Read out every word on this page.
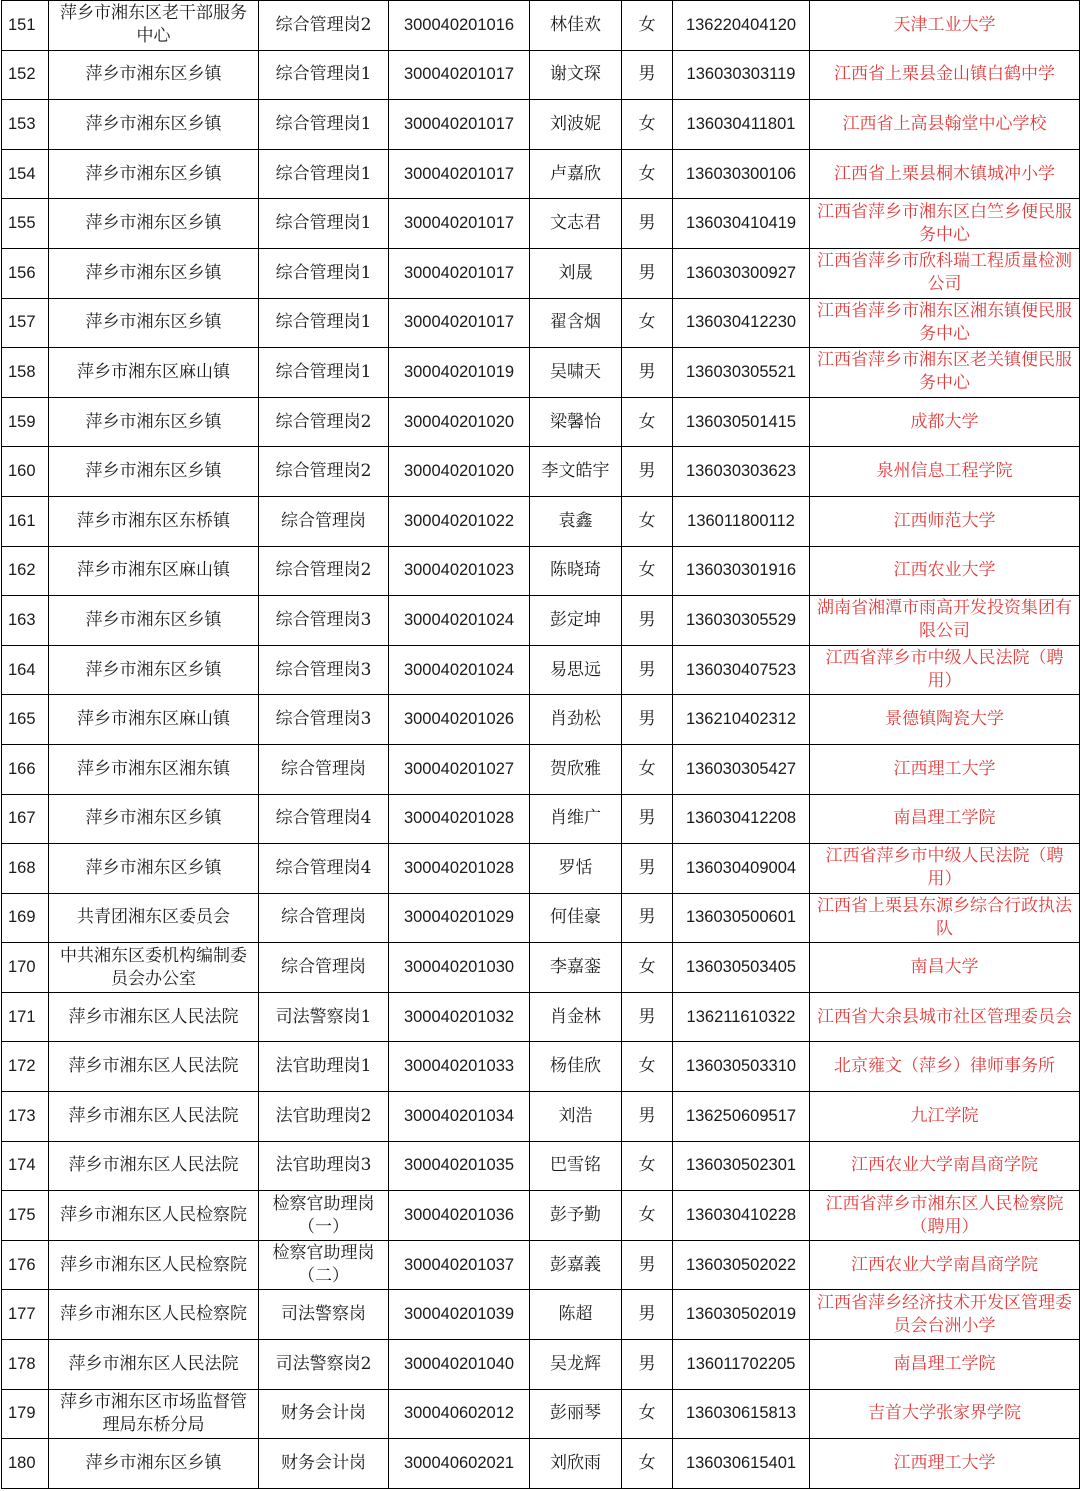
151	萍乡市湘东区老干部服务中心	综合管理岗2	300040201016	林佳欢	女	136220404120	天津工业大学
152	萍乡市湘东区乡镇	综合管理岗1	300040201017	谢文琛	男	136030303119	江西省上栗县金山镇白鹤中学
153	萍乡市湘东区乡镇	综合管理岗1	300040201017	刘波妮	女	136030411801	江西省上高县翰堂中心学校
154	萍乡市湘东区乡镇	综合管理岗1	300040201017	卢嘉欣	女	136030300106	江西省上栗县桐木镇城冲小学
155	萍乡市湘东区乡镇	综合管理岗1	300040201017	文志君	男	136030410419	江西省萍乡市湘东区白竺乡便民服务中心
156	萍乡市湘东区乡镇	综合管理岗1	300040201017	刘晟	男	136030300927	江西省萍乡市欣科瑞工程质量检测公司
157	萍乡市湘东区乡镇	综合管理岗1	300040201017	翟含烟	女	136030412230	江西省萍乡市湘东区湘东镇便民服务中心
158	萍乡市湘东区麻山镇	综合管理岗1	300040201019	吴啸天	男	136030305521	江西省萍乡市湘东区老关镇便民服务中心
159	萍乡市湘东区乡镇	综合管理岗2	300040201020	梁馨怡	女	136030501415	成都大学
160	萍乡市湘东区乡镇	综合管理岗2	300040201020	李文皓宇	男	136030303623	泉州信息工程学院
161	萍乡市湘东区东桥镇	综合管理岗	300040201022	袁鑫	女	136011800112	江西师范大学
162	萍乡市湘东区麻山镇	综合管理岗2	300040201023	陈晓琦	女	136030301916	江西农业大学
163	萍乡市湘东区乡镇	综合管理岗3	300040201024	彭定坤	男	136030305529	湖南省湘潭市雨高开发投资集团有限公司
164	萍乡市湘东区乡镇	综合管理岗3	300040201024	易思远	男	136030407523	江西省萍乡市中级人民法院（聘用）
165	萍乡市湘东区麻山镇	综合管理岗3	300040201026	肖劲松	男	136210402312	景德镇陶瓷大学
166	萍乡市湘东区湘东镇	综合管理岗	300040201027	贺欣雅	女	136030305427	江西理工大学
167	萍乡市湘东区乡镇	综合管理岗4	300040201028	肖维广	男	136030412208	南昌理工学院
168	萍乡市湘东区乡镇	综合管理岗4	300040201028	罗恬	男	136030409004	江西省萍乡市中级人民法院（聘用）
169	共青团湘东区委员会	综合管理岗	300040201029	何佳豪	男	136030500601	江西省上栗县东源乡综合行政执法队
170	中共湘东区委机构编制委员会办公室	综合管理岗	300040201030	李嘉銮	女	136030503405	南昌大学
171	萍乡市湘东区人民法院	司法警察岗1	300040201032	肖金林	男	136211610322	江西省大余县城市社区管理委员会
172	萍乡市湘东区人民法院	法官助理岗1	300040201033	杨佳欣	女	136030503310	北京雍文（萍乡）律师事务所
173	萍乡市湘东区人民法院	法官助理岗2	300040201034	刘浩	男	136250609517	九江学院
174	萍乡市湘东区人民法院	法官助理岗3	300040201035	巴雪铭	女	136030502301	江西农业大学南昌商学院
175	萍乡市湘东区人民检察院	检察官助理岗（一）	300040201036	彭予勤	女	136030410228	江西省萍乡市湘东区人民检察院（聘用）
176	萍乡市湘东区人民检察院	检察官助理岗（二）	300040201037	彭嘉義	男	136030502022	江西农业大学南昌商学院
177	萍乡市湘东区人民检察院	司法警察岗	300040201039	陈超	男	136030502019	江西省萍乡经济技术开发区管理委员会台洲小学
178	萍乡市湘东区人民法院	司法警察岗2	300040201040	吴龙辉	男	136011702205	南昌理工学院
179	萍乡市湘东区市场监督管理局东桥分局	财务会计岗	300040602012	彭丽琴	女	136030615813	吉首大学张家界学院
180	萍乡市湘东区乡镇	财务会计岗	300040602021	刘欣雨	女	136030615401	江西理工大学
